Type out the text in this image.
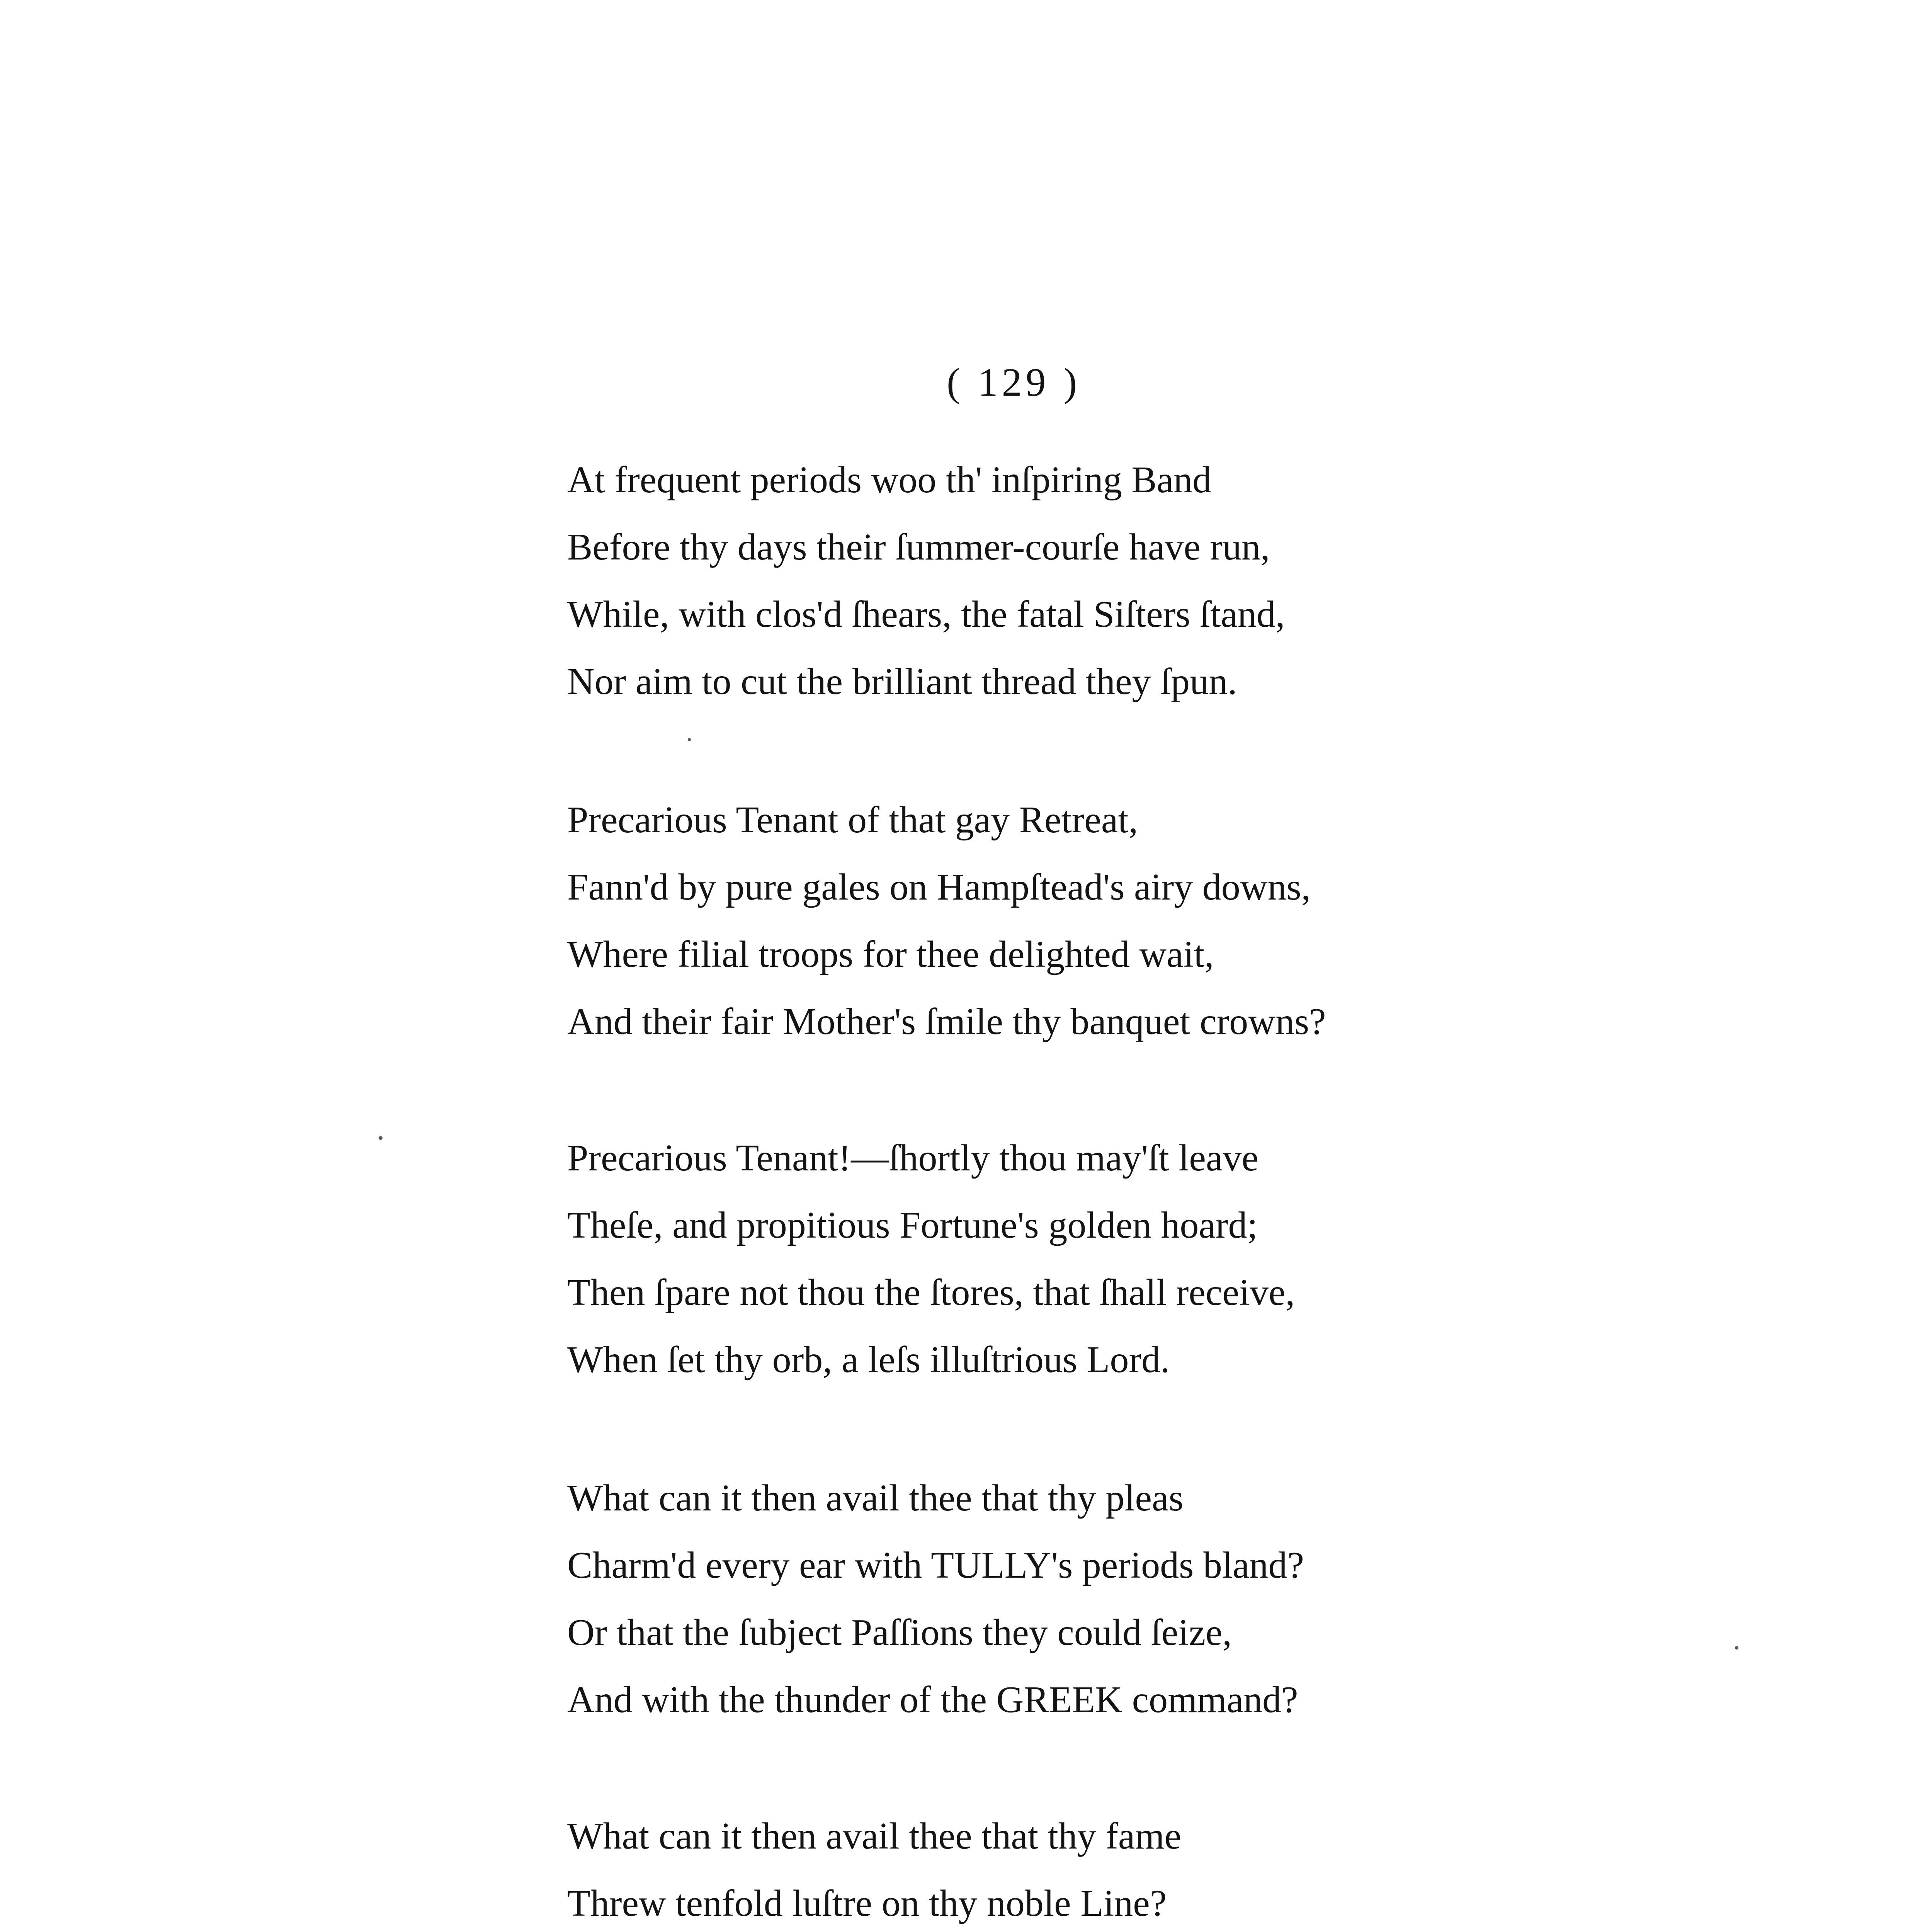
( 129 )
At frequent periods woo th' inſpiring Band
Before thy days their ſummer-courſe have run,
While, with clos'd ſhears, the fatal Siſters ſtand,
Nor aim to cut the brilliant thread they ſpun.
Precarious Tenant of that gay Retreat,
Fann'd by pure gales on Hampſtead's airy downs,
Where filial troops for thee delighted wait,
And their fair Mother's ſmile thy banquet crowns?
Precarious Tenant!—ſhortly thou may'ſt leave
Theſe, and propitious Fortune's golden hoard;
Then ſpare not thou the ſtores, that ſhall receive,
When ſet thy orb, a leſs illuſtrious Lord.
What can it then avail thee that thy pleas
Charm'd every ear with TULLY's periods bland?
Or that the ſubject Paſſions they could ſeize,
And with the thunder of the GREEK command?
What can it then avail thee that thy fame
Threw tenfold luſtre on thy noble Line?
